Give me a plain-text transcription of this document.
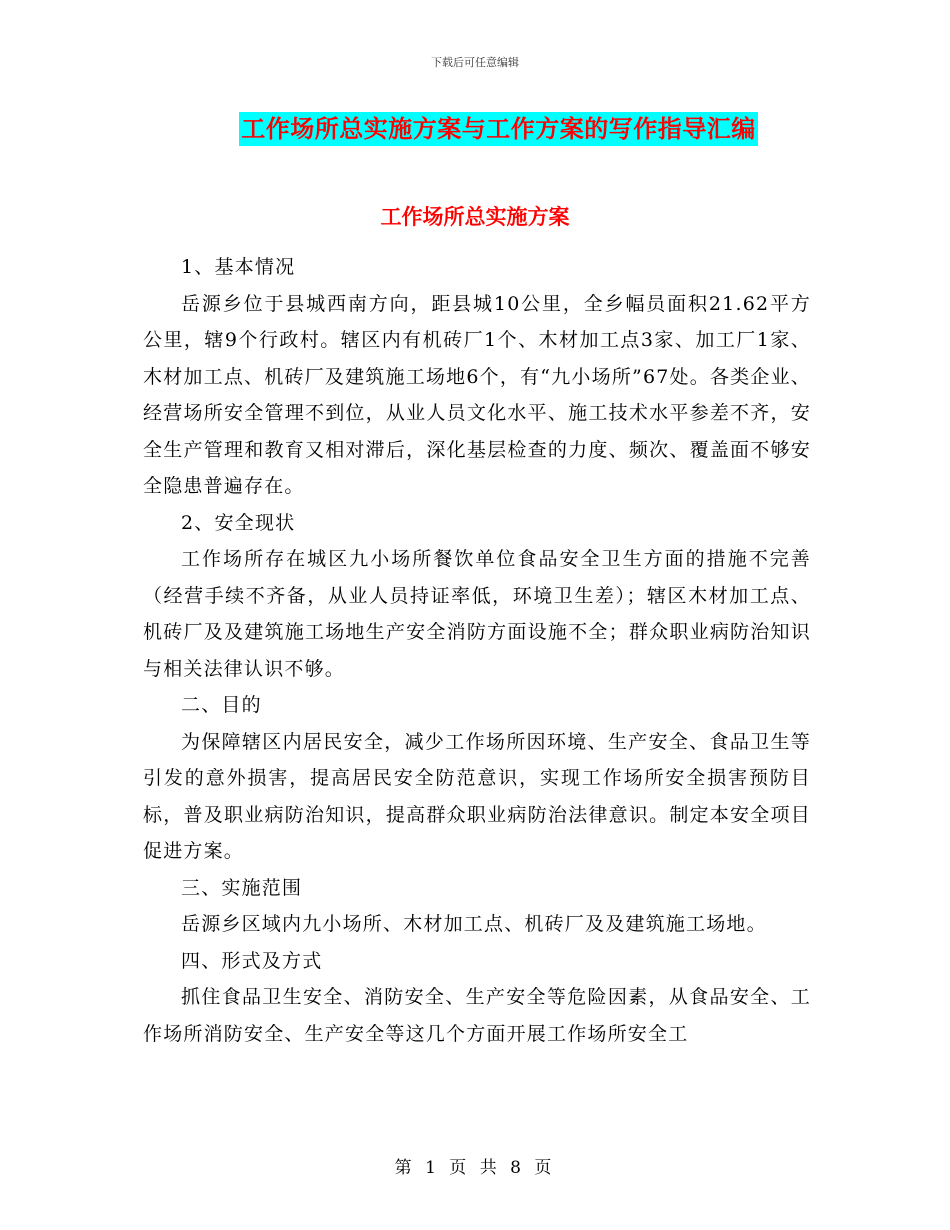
下载后可任意编辑
工作场所总实施方案与工作方案的写作指导汇编
工作场所总实施方案

1、基本情况

岳源乡位于县城西南方向，距县城10公里，全乡幅员面积21.62平方公里，辖9个行政村。辖区内有机砖厂1个、木材加工点3家、加工厂1家、木材加工点、机砖厂及建筑施工场地6个，有“九小场所”67处。各类企业、经营场所安全管理不到位，从业人员文化水平、施工技术水平参差不齐，安全生产管理和教育又相对滞后，深化基层检查的力度、频次、覆盖面不够安全隐患普遍存在。

2、安全现状

工作场所存在城区九小场所餐饮单位食品安全卫生方面的措施不完善（经营手续不齐备，从业人员持证率低，环境卫生差）；辖区木材加工点、机砖厂及及建筑施工场地生产安全消防方面设施不全；群众职业病防治知识与相关法律认识不够。

二、目的

为保障辖区内居民安全，减少工作场所因环境、生产安全、食品卫生等引发的意外损害，提高居民安全防范意识，实现工作场所安全损害预防目标，普及职业病防治知识，提高群众职业病防治法律意识。制定本安全项目促进方案。

三、实施范围

岳源乡区域内九小场所、木材加工点、机砖厂及及建筑施工场地。

四、形式及方式

抓住食品卫生安全、消防安全、生产安全等危险因素，从食品安全、工作场所消防安全、生产安全等这几个方面开展工作场所安全工

第 1 页 共 8 页
